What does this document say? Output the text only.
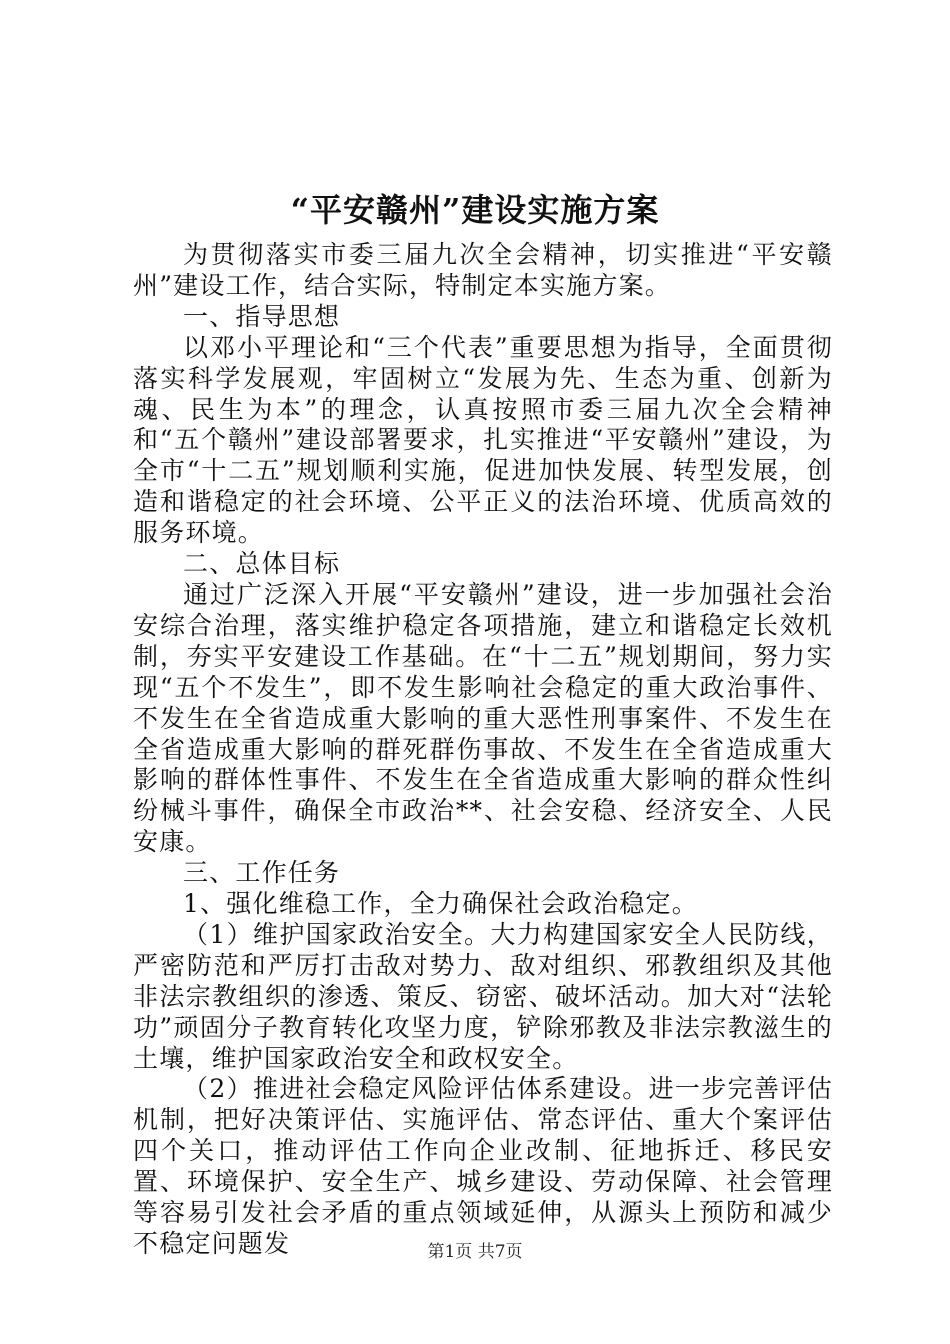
“平安赣州”建设实施方案

为贯彻落实市委三届九次全会精神，切实推进“平安赣州”建设工作，结合实际，特制定本实施方案。

一、指导思想

以邓小平理论和“三个代表”重要思想为指导，全面贯彻落实科学发展观，牢固树立“发展为先、生态为重、创新为魂、民生为本”的理念，认真按照市委三届九次全会精神和“五个赣州”建设部署要求，扎实推进“平安赣州”建设，为全市“十二五”规划顺利实施，促进加快发展、转型发展，创造和谐稳定的社会环境、公平正义的法治环境、优质高效的服务环境。

二、总体目标

通过广泛深入开展“平安赣州”建设，进一步加强社会治安综合治理，落实维护稳定各项措施，建立和谐稳定长效机制，夯实平安建设工作基础。在“十二五”规划期间，努力实现“五个不发生”，即不发生影响社会稳定的重大政治事件、不发生在全省造成重大影响的重大恶性刑事案件、不发生在全省造成重大影响的群死群伤事故、不发生在全省造成重大影响的群体性事件、不发生在全省造成重大影响的群众性纠纷械斗事件，确保全市政治**、社会安稳、经济安全、人民安康。

三、工作任务

1、强化维稳工作，全力确保社会政治稳定。

（1）维护国家政治安全。大力构建国家安全人民防线，严密防范和严厉打击敌对势力、敌对组织、邪教组织及其他非法宗教组织的渗透、策反、窃密、破坏活动。加大对“法轮功”顽固分子教育转化攻坚力度，铲除邪教及非法宗教滋生的土壤，维护国家政治安全和政权安全。

（2）推进社会稳定风险评估体系建设。进一步完善评估机制，把好决策评估、实施评估、常态评估、重大个案评估四个关口，推动评估工作向企业改制、征地拆迁、移民安置、环境保护、安全生产、城乡建设、劳动保障、社会管理等容易引发社会矛盾的重点领域延伸，从源头上预防和减少不稳定问题发	第1页 共7页
